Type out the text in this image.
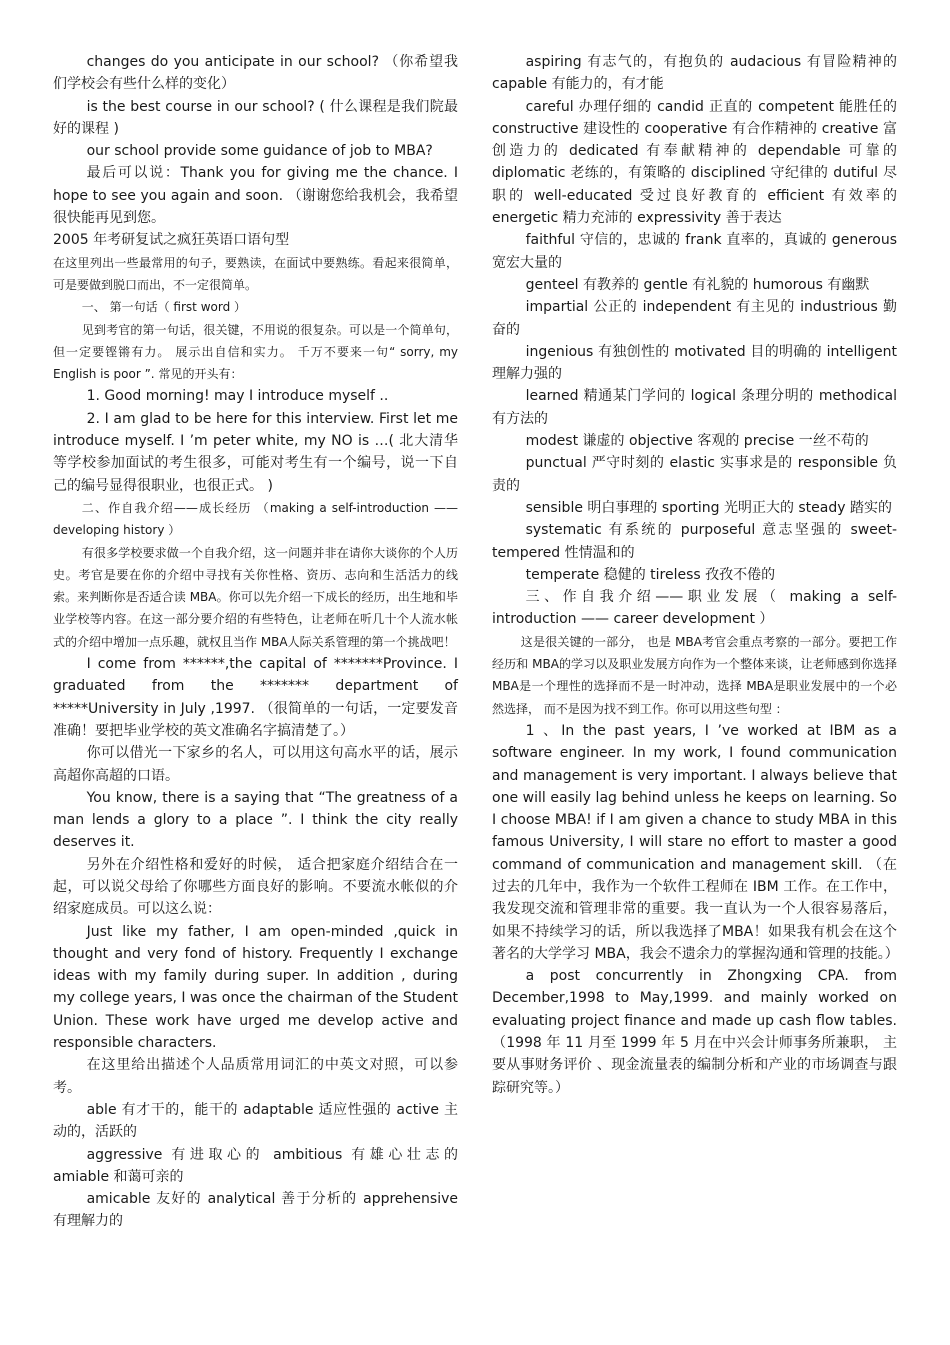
changes do you anticipate in our school? （你希望我们学校会有些什么样的变化）

is the best course in our school? ( 什么课程是我们院最好的课程 )

our school provide some guidance of job to MBA?

最后可以说：Thank you for giving me the chance. I hope to see you again and soon. （谢谢您给我机会，我希望很快能再见到您。

2005 年考研复试之疯狂英语口语句型

在这里列出一些最常用的句子，要熟读，在面试中要熟练。看起来很简单，可是要做到脱口而出，不一定很简单。

一、 第一句话（ first word ）

见到考官的第一句话，很关键，不用说的很复杂。可以是一个简单句，但一定要铿锵有力。 展示出自信和实力。 千万不要来一句“ sorry, my English is poor ”. 常见的开头有：

1. Good morning! may I introduce myself ..

2. I am glad to be here for this interview. First let me introduce myself. I ’m peter white, my NO is …( 北大清华等学校参加面试的考生很多，可能对考生有一个编号，说一下自己的编号显得很职业，也很正式。 )

二、作自我介绍——成长经历 （making a self-introduction —— developing history ）

有很多学校要求做一个自我介绍，这一问题并非在请你大谈你的个人历史。考官是要在你的介绍中寻找有关你性格、资历、志向和生活活力的线索。来判断你是否适合读 MBA。你可以先介绍一下成长的经历，出生地和毕业学校等内容。在这一部分要介绍的有些特色，让老师在听几十个人流水帐式的介绍中增加一点乐趣，就权且当作 MBA人际关系管理的第一个挑战吧！

I come from ******,the capital of *******Province. I graduated from the ******* department of *****University in July ,1997. （很简单的一句话，一定要发音准确！要把毕业学校的英文准确名字搞清楚了。）

你可以借光一下家乡的名人，可以用这句高水平的话，展示高超你高超的口语。

You know, there is a saying that “The greatness of a man lends a glory to a place ”. I think the city really deserves it.

另外在介绍性格和爱好的时候， 适合把家庭介绍结合在一起，可以说父母给了你哪些方面良好的影响。不要流水帐似的介绍家庭成员。可以这么说：

Just like my father, I am open-minded ,quick in thought and very fond of history. Frequently I exchange ideas with my family during super. In addition , during my college years, I was once the chairman of the Student Union. These work have urged me develop active and responsible characters.

在这里给出描述个人品质常用词汇的中英文对照，可以参考。

able 有才干的，能干的 adaptable 适应性强的 active 主动的，活跃的

aggressive 有进取心的 ambitious 有雄心壮志的 amiable 和蔼可亲的

amicable 友好的 analytical 善于分析的 apprehensive 有理解力的

aspiring 有志气的，有抱负的 audacious 有冒险精神的 capable 有能力的，有才能

careful 办理仔细的 candid 正直的 competent 能胜任的 constructive 建设性的 cooperative 有合作精神的 creative 富创造力的 dedicated 有奉献精神的 dependable 可靠的 diplomatic 老练的，有策略的 disciplined 守纪律的 dutiful 尽职的 well-educated 受过良好教育的 efficient 有效率的 energetic 精力充沛的 expressivity 善于表达

faithful 守信的，忠诚的 frank 直率的，真诚的 generous 宽宏大量的

genteel 有教养的 gentle 有礼貌的 humorous 有幽默

impartial 公正的 independent 有主见的 industrious 勤奋的

ingenious 有独创性的 motivated 目的明确的 intelligent 理解力强的

learned 精通某门学问的 logical 条理分明的 methodical 有方法的

modest 谦虚的 objective 客观的 precise 一丝不苟的

punctual 严守时刻的 elastic 实事求是的 responsible 负责的

sensible 明白事理的 sporting 光明正大的 steady 踏实的

systematic 有系统的 purposeful 意志坚强的 sweet-tempered 性情温和的

temperate 稳健的 tireless 孜孜不倦的

三、作自我介绍——职业发展（ making a self-introduction —— career development ）

这是很关键的一部分， 也是 MBA考官会重点考察的一部分。要把工作经历和 MBA的学习以及职业发展方向作为一个整体来谈，让老师感到你选择 MBA是一个理性的选择而不是一时冲动，选择 MBA是职业发展中的一个必然选择， 而不是因为找不到工作。你可以用这些句型 ：

1 、In the past years, I ’ve worked at IBM as a software engineer. In my work, I found communication and management is very important. I always believe that one will easily lag behind unless he keeps on learning. So I choose MBA! if I am given a chance to study MBA in this famous University, I will stare no effort to master a good command of communication and management skill. （在过去的几年中，我作为一个软件工程师在 IBM 工作。在工作中，我发现交流和管理非常的重要。我一直认为一个人很容易落后，如果不持续学习的话，所以我选择了MBA！如果我有机会在这个著名的大学学习 MBA，我会不遗余力的掌握沟通和管理的技能。）

a post concurrently in Zhongxing CPA. from December,1998 to May,1999. and mainly worked on evaluating project finance and made up cash flow tables. （1998 年 11 月至 1999 年 5 月在中兴会计师事务所兼职， 主要从事财务评价 、现金流量表的编制分析和产业的市场调查与跟踪研究等。）
